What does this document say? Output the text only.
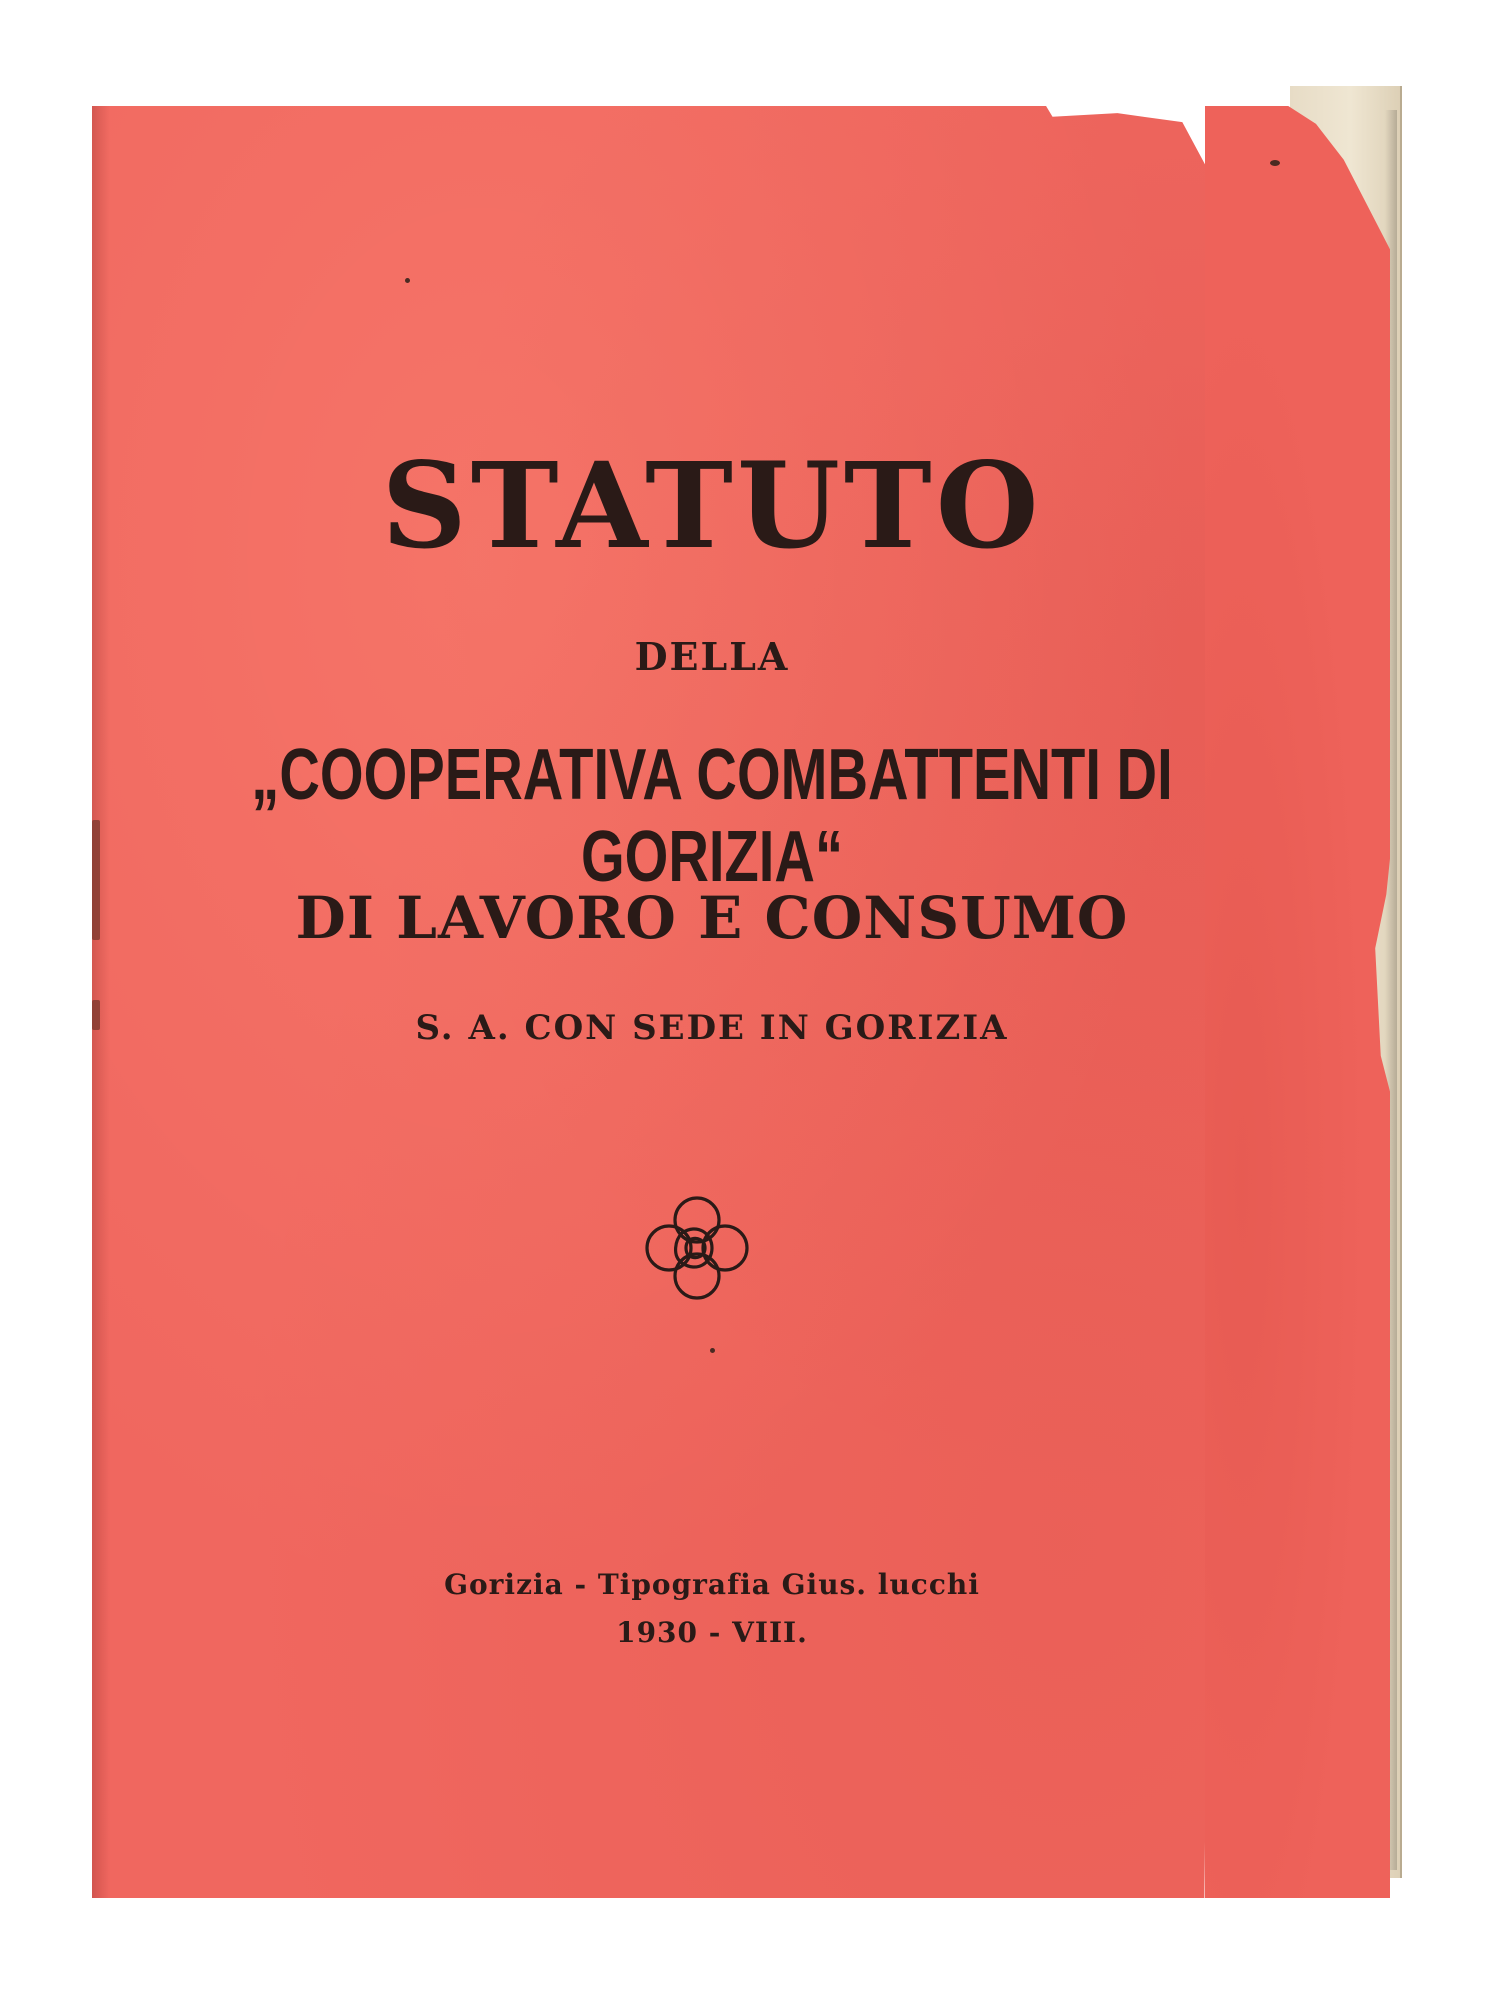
STATUTO
DELLA
„COOPERATIVA COMBATTENTI DI GORIZIA“
DI LAVORO E CONSUMO
S. A. CON SEDE IN GORIZIA
Gorizia - Tipografia Gius. lucchi
1930 - VIII.
